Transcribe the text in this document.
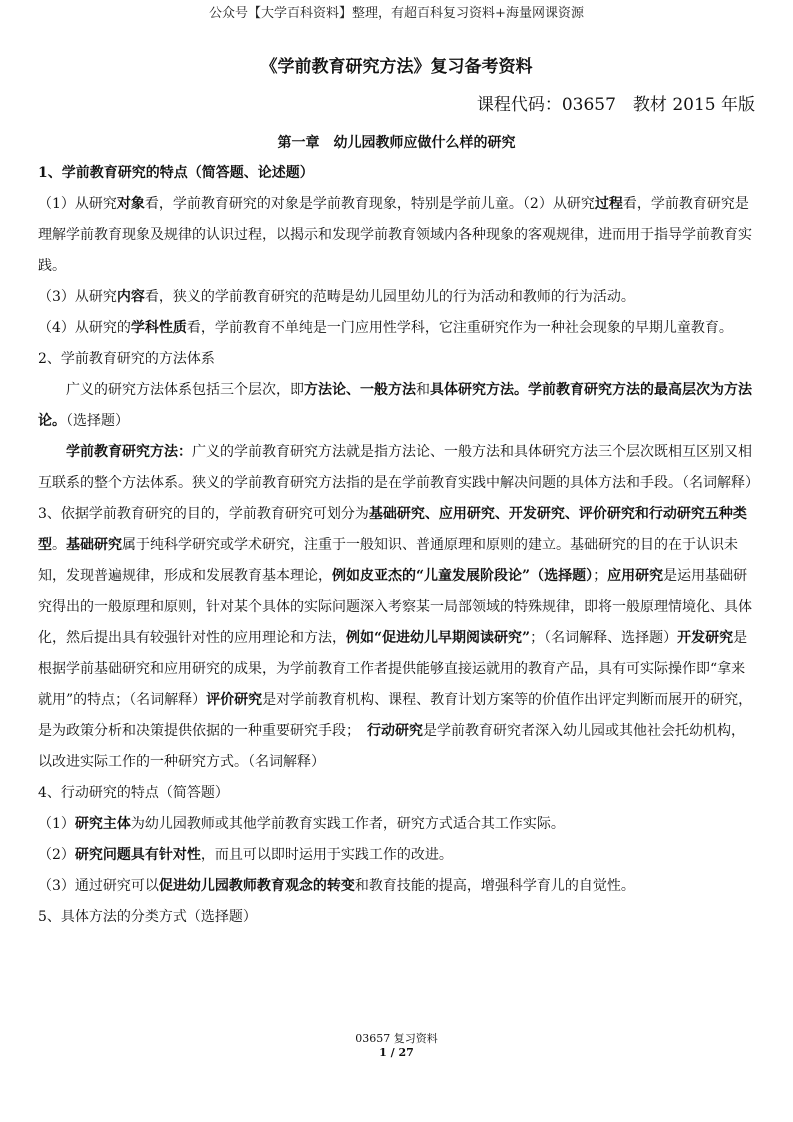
公众号【大学百科资料】整理，有超百科复习资料+海量网课资源
《学前教育研究方法》复习备考资料
课程代码：03657　教材 2015 年版
第一章　幼儿园教师应做什么样的研究

1、学前教育研究的特点（简答题、论述题）

（1）从研究对象看，学前教育研究的对象是学前教育现象，特别是学前儿童。（2）从研究过程看，学前教育研究是理解学前教育现象及规律的认识过程，以揭示和发现学前教育领域内各种现象的客观规律，进而用于指导学前教育实践。

（3）从研究内容看，狭义的学前教育研究的范畴是幼儿园里幼儿的行为活动和教师的行为活动。

（4）从研究的学科性质看，学前教育不单纯是一门应用性学科，它注重研究作为一种社会现象的早期儿童教育。

2、学前教育研究的方法体系

广义的研究方法体系包括三个层次，即方法论、一般方法和具体研究方法。学前教育研究方法的最高层次为方法论。（选择题）

学前教育研究方法：广义的学前教育研究方法就是指方法论、一般方法和具体研究方法三个层次既相互区别又相互联系的整个方法体系。狭义的学前教育研究方法指的是在学前教育实践中解决问题的具体方法和手段。（名词解释）

3、依据学前教育研究的目的，学前教育研究可划分为基础研究、应用研究、开发研究、评价研究和行动研究五种类型。基础研究属于纯科学研究或学术研究，注重于一般知识、普通原理和原则的建立。基础研究的目的在于认识未知，发现普遍规律，形成和发展教育基本理论，例如皮亚杰的“儿童发展阶段论”（选择题）；应用研究是运用基础研究得出的一般原理和原则，针对某个具体的实际问题深入考察某一局部领域的特殊规律，即将一般原理情境化、具体化，然后提出具有较强针对性的应用理论和方法，例如“促进幼儿早期阅读研究”；（名词解释、选择题）开发研究是根据学前基础研究和应用研究的成果，为学前教育工作者提供能够直接运就用的教育产品，具有可实际操作即“拿来就用”的特点；（名词解释）评价研究是对学前教育机构、课程、教育计划方案等的价值作出评定判断而展开的研究，是为政策分析和决策提供依据的一种重要研究手段；　行动研究是学前教育研究者深入幼儿园或其他社会托幼机构，以改进实际工作的一种研究方式。（名词解释）

4、行动研究的特点（简答题）

（1）研究主体为幼儿园教师或其他学前教育实践工作者，研究方式适合其工作实际。

（2）研究问题具有针对性，而且可以即时运用于实践工作的改进。

（3）通过研究可以促进幼儿园教师教育观念的转变和教育技能的提高，增强科学育儿的自觉性。

5、具体方法的分类方式（选择题）

03657 复习资料
1 / 27
